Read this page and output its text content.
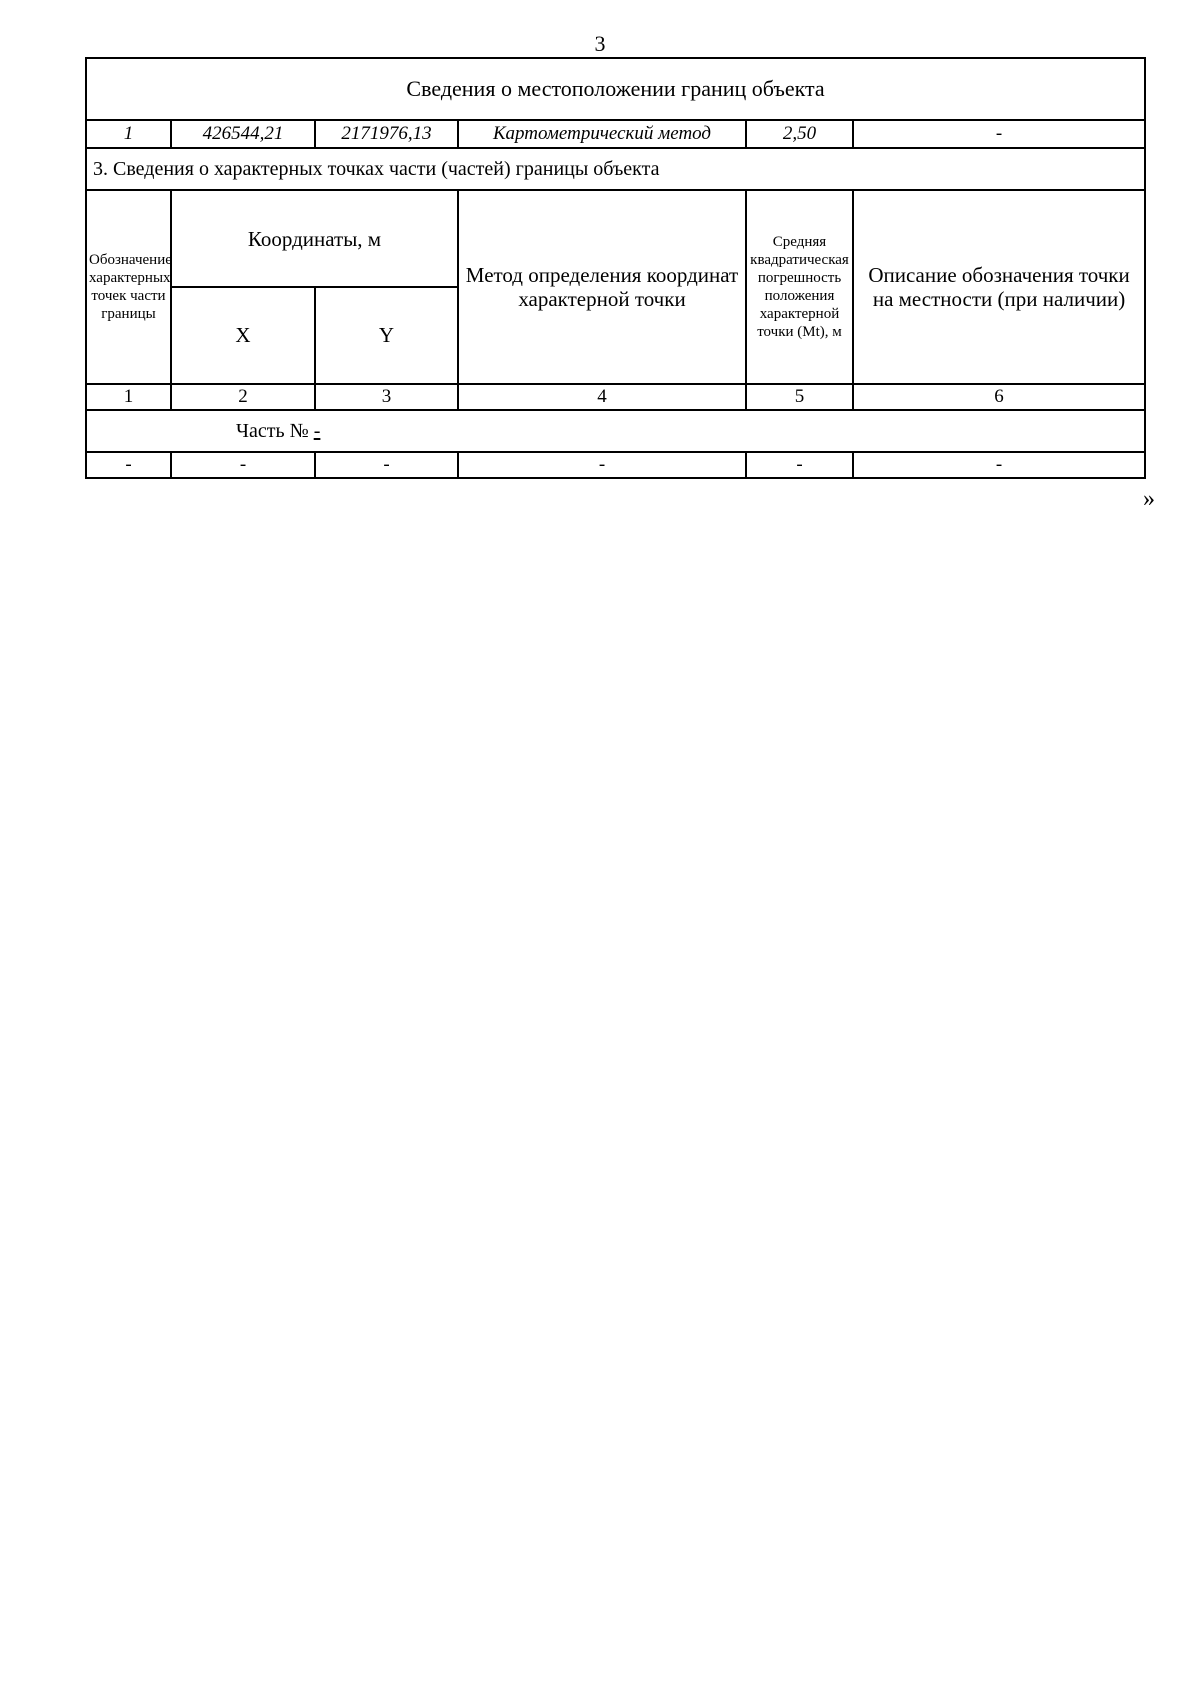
3
Сведения о местоположении границ объекта					
1	426544,21	2171976,13	Картометрический метод	2,50	-
3. Сведения о характерных точках части (частей) границы объекта					
Обозначение характерных точек части границы	Координаты, м		Метод определения координат характерной точки	Средняя квадратическая погрешность положения характерной точки (Mt), м	Описание обозначения точки на местности (при наличии)
	X	Y			
1	2	3	4	5	6
Часть № -					
-	-	-	-	-	-
»
